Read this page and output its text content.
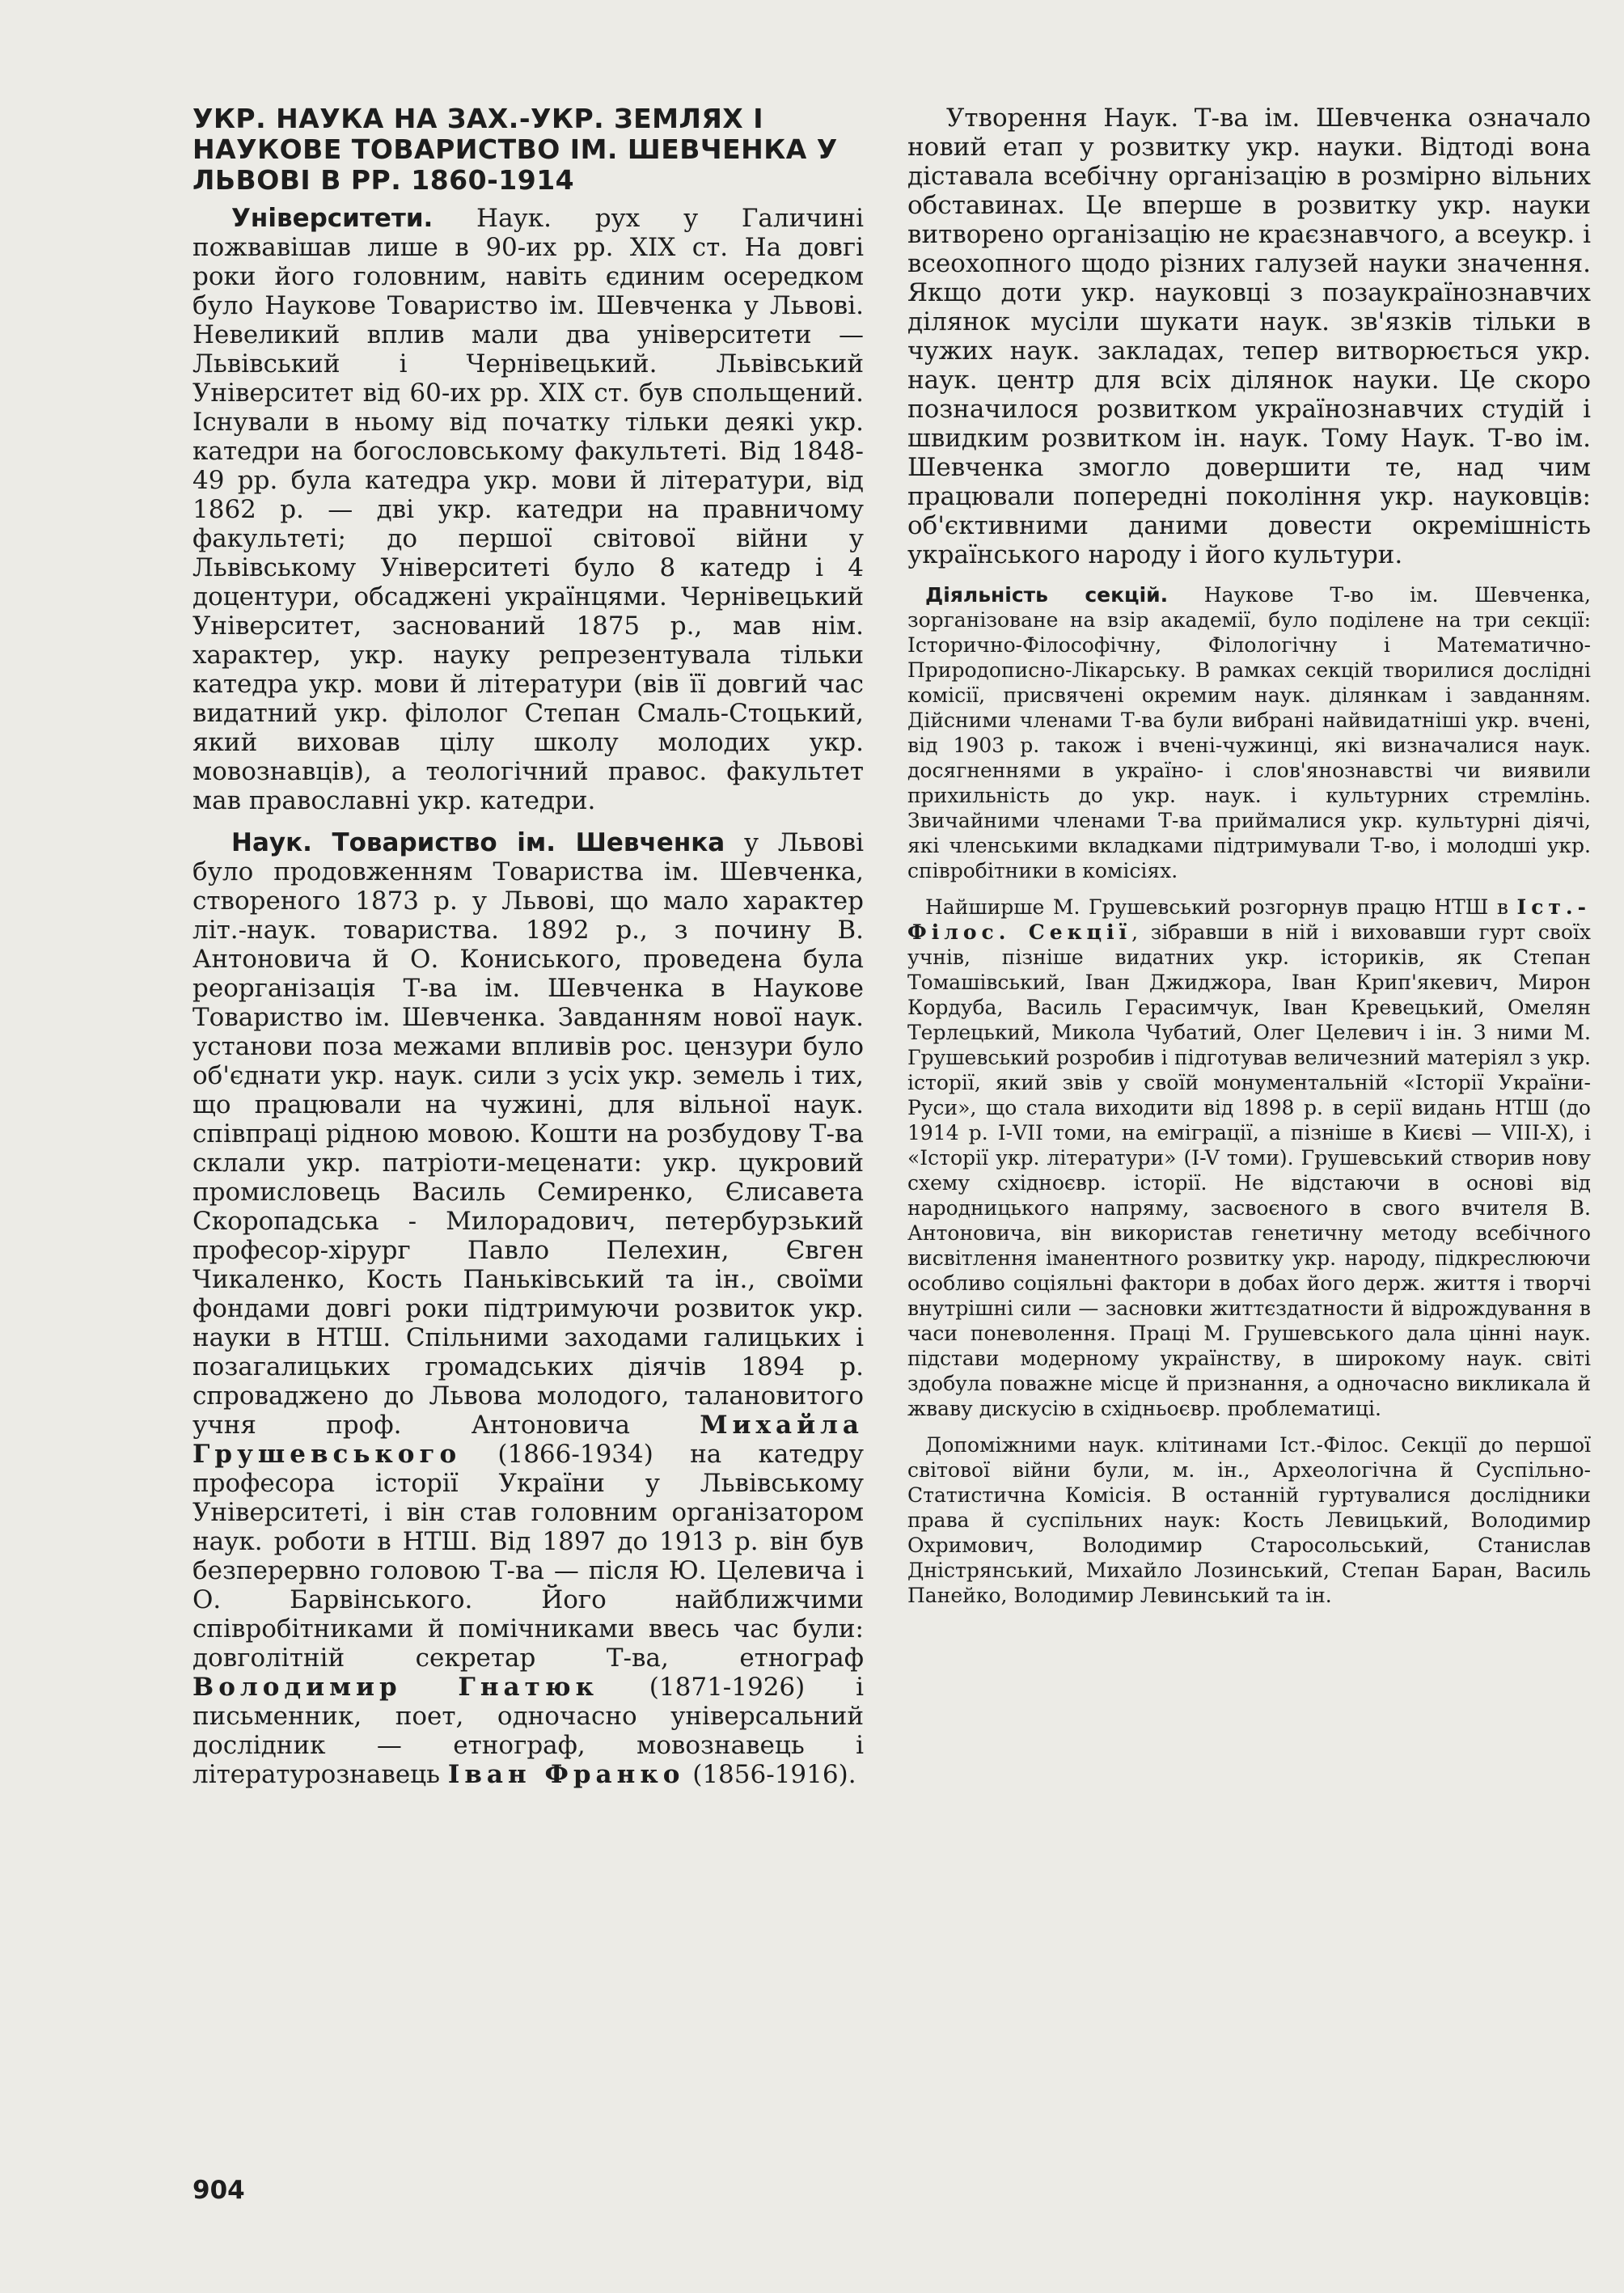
УКР. НАУКА НА ЗАХ.-УКР. ЗЕМЛЯХ І НАУКОВЕ ТОВАРИСТВО ІМ. ШЕВЧЕНКА У ЛЬВОВІ В РР. 1860-1914

Університети. Наук. рух у Галичині пожвавішав лише в 90-их рр. XIX ст. На довгі роки його головним, навіть єдиним осередком було Наукове Товариство ім. Шевченка у Львові. Невеликий вплив мали два університети — Львівський і Чернівецький. Львівський Університет від 60-их рр. XIX ст. був спольщений. Існували в ньому від початку тільки деякі укр. катедри на богословському факультеті. Від 1848-49 рр. була катедра укр. мови й літератури, від 1862 р. — дві укр. катедри на правничому факультеті; до першої світової війни у Львівському Університеті було 8 катедр і 4 доцентури, обсаджені українцями. Чернівецький Університет, заснований 1875 р., мав нім. характер, укр. науку репрезентувала тільки катедра укр. мови й літератури (вів її довгий час видатний укр. філолог Степан Смаль-Стоцький, який виховав цілу школу молодих укр. мовознавців), а теологічний правос. факультет мав православні укр. катедри.

Наук. Товариство ім. Шевченка у Львові було продовженням Товариства ім. Шевченка, створеного 1873 р. у Львові, що мало характер літ.-наук. товариства. 1892 р., з почину В. Антоновича й О. Кониського, проведена була реорганізація Т-ва ім. Шевченка в Наукове Товариство ім. Шевченка. Завданням нової наук. установи поза межами впливів рос. цензури було об'єднати укр. наук. сили з усіх укр. земель і тих, що працювали на чужині, для вільної наук. співпраці рідною мовою. Кошти на розбудову Т-ва склали укр. патріоти-меценати: укр. цукровий промисловець Василь Семиренко, Єлисавета Скоропадська - Милорадович, петербурзький професор-хірург Павло Пелехин, Євген Чикаленко, Кость Паньківський та ін., своїми фондами довгі роки підтримуючи розвиток укр. науки в НТШ. Спільними заходами галицьких і позагалицьких громадських діячів 1894 р. спроваджено до Львова молодого, талановитого учня проф. Антоновича Михайла Грушевського (1866-1934) на катедру професора історії України у Львівському Університеті, і він став головним організатором наук. роботи в НТШ. Від 1897 до 1913 р. він був безперервно головою Т-ва — після Ю. Целевича і О. Барвінського. Його найближчими співробітниками й помічниками ввесь час були: довголітній секретар Т-ва, етнограф Володимир Гнатюк (1871-1926) і письменник, поет, одночасно універсальний дослідник — етнограф, мовознавець і літературознавець Іван Франко (1856-1916).

Утворення Наук. Т-ва ім. Шевченка означало новий етап у розвитку укр. науки. Відтоді вона діставала всебічну організацію в розмірно вільних обставинах. Це вперше в розвитку укр. науки витворено організацію не краєзнавчого, а всеукр. і всеохопного щодо різних галузей науки значення. Якщо доти укр. науковці з позаукраїнознавчих ділянок мусіли шукати наук. зв'язків тільки в чужих наук. закладах, тепер витворюється укр. наук. центр для всіх ділянок науки. Це скоро позначилося розвитком українознавчих студій і швидким розвитком ін. наук. Тому Наук. Т-во ім. Шевченка змогло довершити те, над чим працювали попередні покоління укр. науковців: об'єктивними даними довести окремішність українського народу і його культури.

Діяльність секцій. Наукове Т-во ім. Шевченка, зорганізоване на взір академії, було поділене на три секції: Історично-Філософічну, Філологічну і Математично-Природописно-Лікарську. В рамках секцій творилися дослідні комісії, присвячені окремим наук. ділянкам і завданням. Дійсними членами Т-ва були вибрані найвидатніші укр. вчені, від 1903 р. також і вчені-чужинці, які визначалися наук. досягненнями в українo- і слов'янознавстві чи виявили прихильність до укр. наук. і культурних стремлінь. Звичайними членами Т-ва приймалися укр. культурні діячі, які членськими вкладками підтримували Т-во, і молодші укр. співробітники в комісіях.

Найширше М. Грушевський розгорнув працю НТШ в Іст.-Філос. Секції, зібравши в ній і виховавши гурт своїх учнів, пізніше видатних укр. істориків, як Степан Томашівський, Іван Джиджора, Іван Крип'якевич, Мирон Кордуба, Василь Герасимчук, Іван Кревецький, Омелян Терлецький, Микола Чубатий, Олег Целевич і ін. З ними М. Грушевський розробив і підготував величезний матеріял з укр. історії, який звів у своїй монументальній «Історії України-Руси», що стала виходити від 1898 р. в серії видань НТШ (до 1914 р. І-VII томи, на еміграції, а пізніше в Києві — VIII-X), і «Історії укр. літератури» (I-V томи). Грушевський створив нову схему східноєвр. історії. Не відстаючи в основі від народницького напряму, засвоєного в свого вчителя В. Антоновича, він використав генетичну методу всебічного висвітлення іманентного розвитку укр. народу, підкреслюючи особливо соціяльні фактори в добах його держ. життя і творчі внутрішні сили — засновки життєздатности й відрождування в часи поневолення. Праці М. Грушевського дала цінні наук. підстави модерному українству, в широкому наук. світі здобула поважне місце й признання, а одночасно викликала й жваву дискусію в східньоєвр. проблематиці.

Допоміжними наук. клітинами Іст.-Філос. Секції до першої світової війни були, м. ін., Археологічна й Суспільно-Статистична Комісія. В останній гуртувалися дослідники права й суспільних наук: Кость Левицький, Володимир Охримович, Володимир Старосольський, Станислав Дністрянський, Михайло Лозинський, Степан Баран, Василь Панейко, Володимир Левинський та ін.

904
